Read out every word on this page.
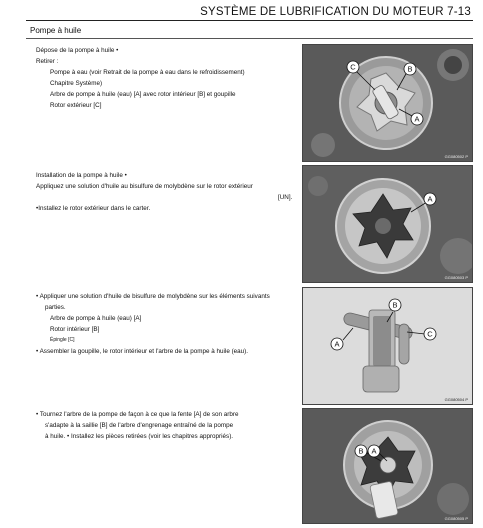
SYSTÈME DE LUBRIFICATION DU MOTEUR 7-13
Pompe à huile
Dépose de la pompe à huile •
Retirer :
Pompe à eau (voir Retrait de la pompe à eau dans le refroidissement)
Chapitre Système)
Arbre de pompe à huile (eau) [A] avec rotor intérieur [B] et goupille
Rotor extérieur [C]
Installation de la pompe à huile •
Appliquez une solution d'huile au bisulfure de molybdène sur le rotor extérieur
[UN].
•Installez le rotor extérieur dans le carter.
• Appliquer une solution d'huile de bisulfure de molybdène sur les éléments suivants
parties.
Arbre de pompe à huile (eau) [A]
Rotor intérieur [B]
Épingle [C]
• Assembler la goupille, le rotor intérieur et l'arbre de la pompe à huile (eau).
• Tournez l'arbre de la pompe de façon à ce que la fente [A] de son arbre
s'adapte à la saillie [B] de l'arbre d'engrenage entraîné de la pompe
à huile. • Installez les pièces retirées (voir les chapitres appropriés).
C	B
A
GG080502 P
A
GG080503 P
B
C
A
GG080504 P
B A
GG080505 P
